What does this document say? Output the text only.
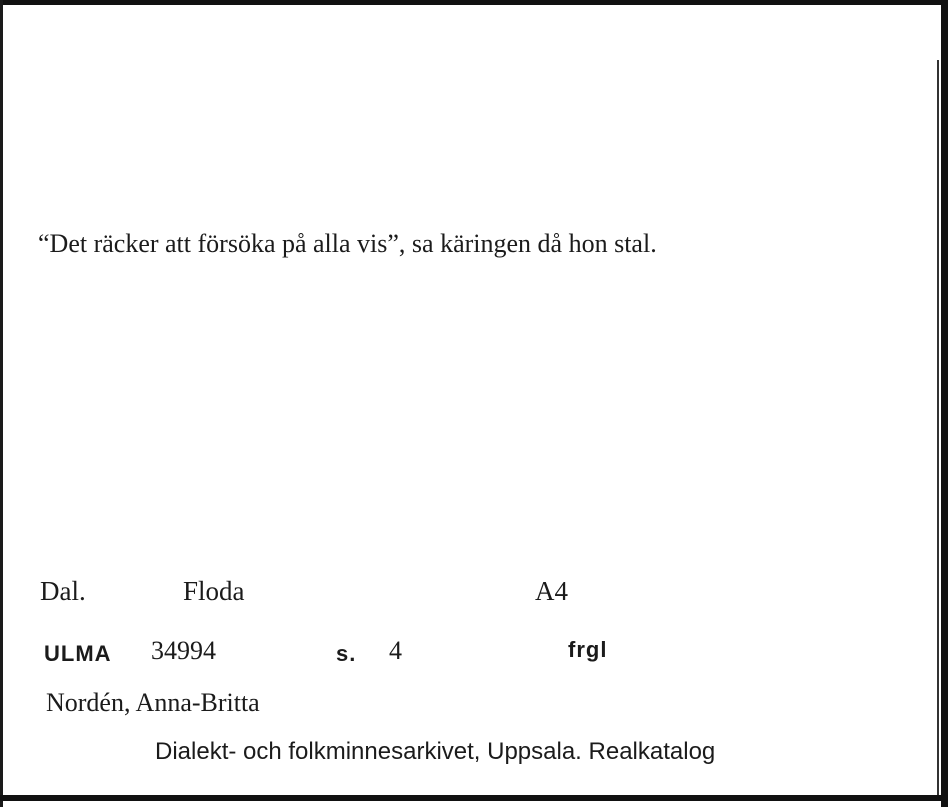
“Det räcker att försöka på alla vis”, sa käringen då hon stal.
Dal.	Floda	A4
ULMA 34994	s. 4	frgl
Nordén, Anna-Britta
Dialekt- och folkminnesarkivet, Uppsala. Realkatalog
